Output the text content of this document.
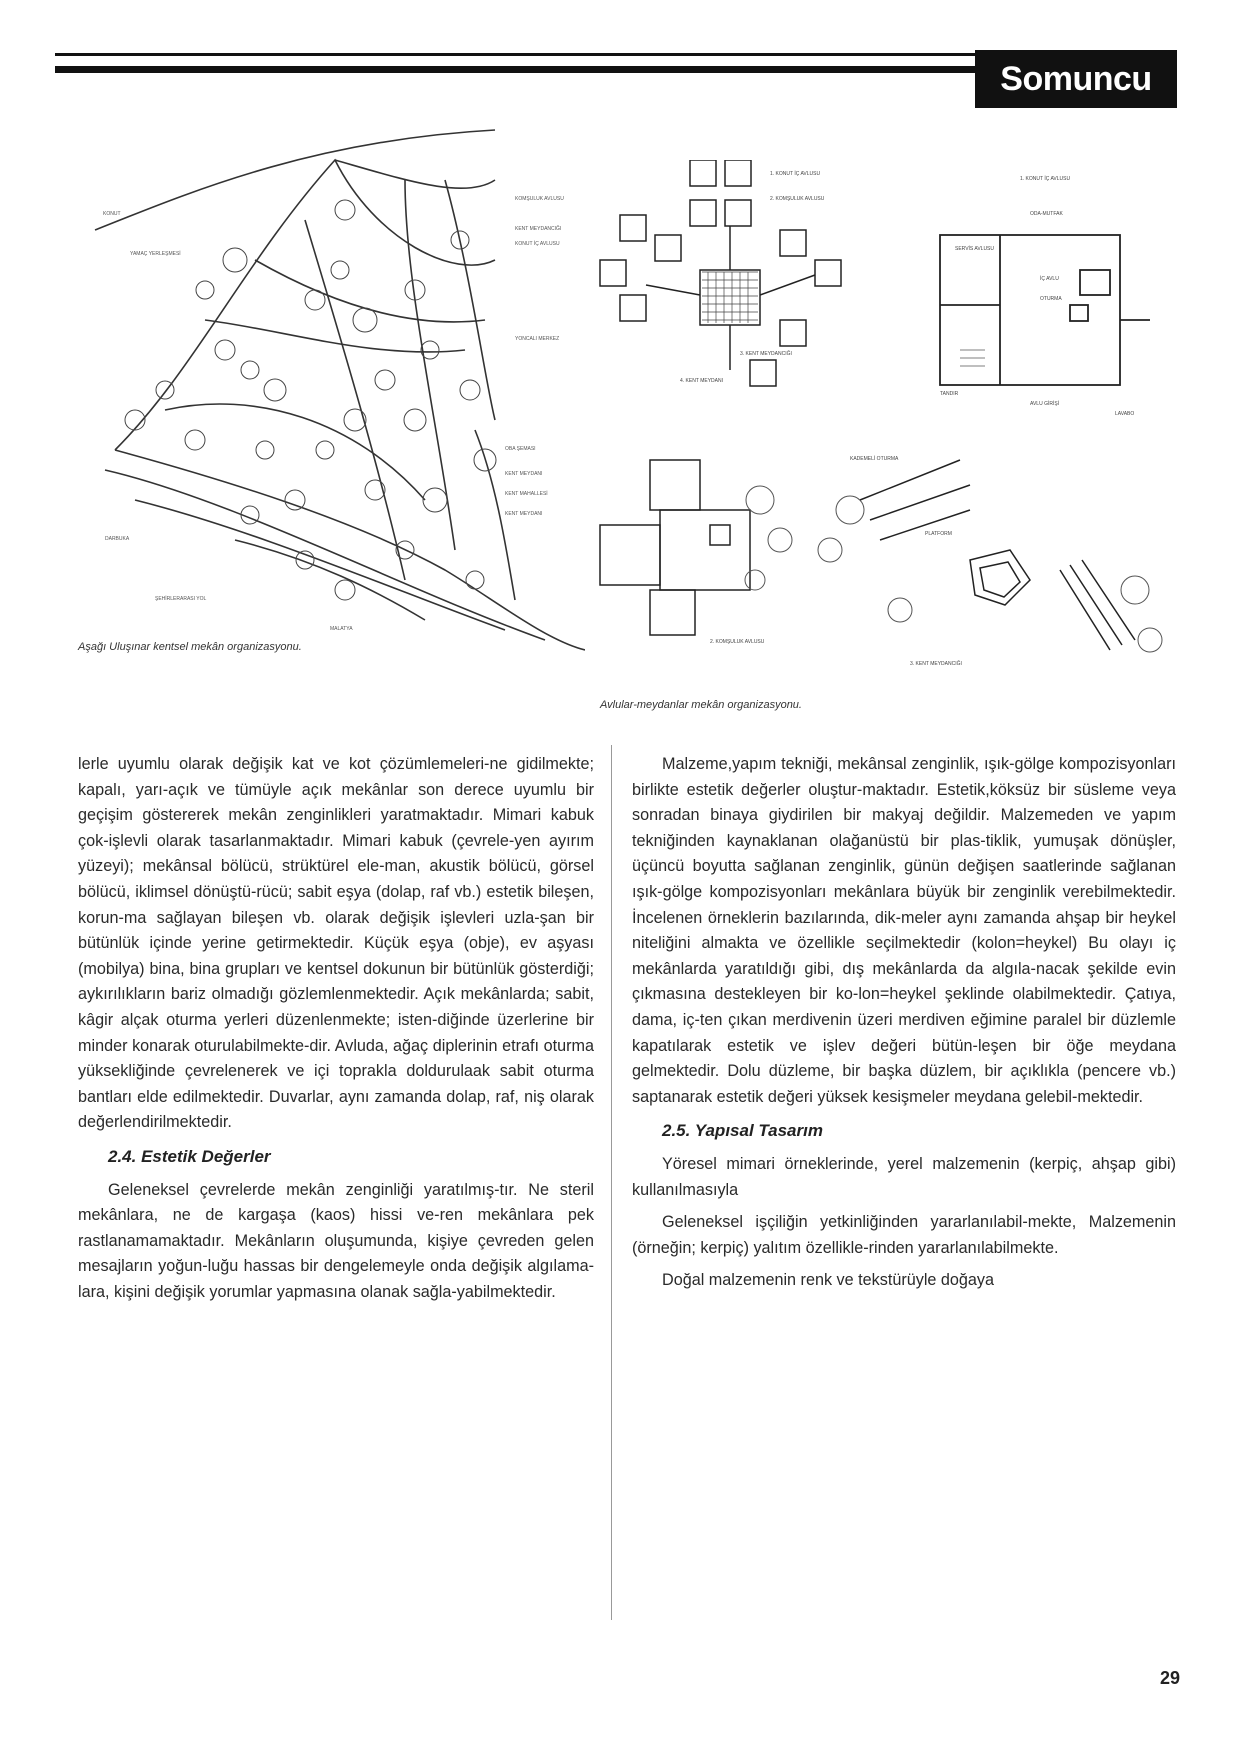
Somuncu Baba
KONUT
YAMAÇ YERLEŞMESİ
KOMŞULUK AVLUSU
KENT MEYDANCIĞI
KONUT İÇ AVLUSU
YONCALI MERKEZ
OBA ŞEMASI
KENT MEYDANI
KENT MAHALLESİ
KENT MEYDANI
DARBUKA
ŞEHİRLERARASI YOL
MALATYA
Aşağı Uluşınar kentsel mekân organizasyonu.
1. KONUT İÇ AVLUSU
2. KOMŞULUK AVLUSU
3. KENT MEYDANCIĞI
4. KENT MEYDANI
1. KONUT İÇ AVLUSU
ODA-MUTFAK
SERVİS AVLUSU
İÇ AVLU
OTURMA
TANDIR
AVLU GİRİŞİ
LAVABO
KADEMELİ OTURMA
PLATFORM
2. KOMŞULUK AVLUSU
3. KENT MEYDANCIĞI
Avlular-meydanlar mekân organizasyonu.

lerle uyumlu olarak değişik kat ve kot çözümlemeleri-ne gidilmekte; kapalı, yarı-açık ve tümüyle açık mekânlar son derece uyumlu bir geçişim göstererek mekân zenginlikleri yaratmaktadır. Mimari kabuk çok-işlevli olarak tasarlanmaktadır. Mimari kabuk (çevrele-yen ayırım yüzeyi); mekânsal bölücü, strüktürel ele-man, akustik bölücü, görsel bölücü, iklimsel dönüştü-rücü; sabit eşya (dolap, raf vb.) estetik bileşen, korun-ma sağlayan bileşen vb. olarak değişik işlevleri uzla-şan bir bütünlük içinde yerine getirmektedir. Küçük eşya (obje), ev aşyası (mobilya) bina, bina grupları ve kentsel dokunun bir bütünlük gösterdiği; aykırılıkların bariz olmadığı gözlemlenmektedir. Açık mekânlarda; sabit, kâgir alçak oturma yerleri düzenlenmekte; isten-diğinde üzerlerine bir minder konarak oturulabilmekte-dir. Avluda, ağaç diplerinin etrafı oturma yüksekliğinde çevrelenerek ve içi toprakla doldurulaak sabit oturma bantları elde edilmektedir. Duvarlar, aynı zamanda dolap, raf, niş olarak değerlendirilmektedir.

2.4. Estetik Değerler

Geleneksel çevrelerde mekân zenginliği yaratılmış-tır. Ne steril mekânlara, ne de kargaşa (kaos) hissi ve-ren mekânlara pek rastlanamamaktadır. Mekânların oluşumunda, kişiye çevreden gelen mesajların yoğun-luğu hassas bir dengelemeyle onda değişik algılama-lara, kişini değişik yorumlar yapmasına olanak sağla-yabilmektedir.

Malzeme,yapım tekniği, mekânsal zenginlik, ışık-gölge kompozisyonları birlikte estetik değerler oluştur-maktadır. Estetik,köksüz bir süsleme veya sonradan binaya giydirilen bir makyaj değildir. Malzemeden ve yapım tekniğinden kaynaklanan olağanüstü bir plas-tiklik, yumuşak dönüşler, üçüncü boyutta sağlanan zenginlik, günün değişen saatlerinde sağlanan ışık-gölge kompozisyonları mekânlara büyük bir zenginlik verebilmektedir. İncelenen örneklerin bazılarında, dik-meler aynı zamanda ahşap bir heykel niteliğini almakta ve özellikle seçilmektedir (kolon=heykel) Bu olayı iç mekânlarda yaratıldığı gibi, dış mekânlarda da algıla-nacak şekilde evin çıkmasına destekleyen bir ko-lon=heykel şeklinde olabilmektedir. Çatıya, dama, iç-ten çıkan merdivenin üzeri merdiven eğimine paralel bir düzlemle kapatılarak estetik ve işlev değeri bütün-leşen bir öğe meydana gelmektedir. Dolu düzleme, bir başka düzlem, bir açıklıkla (pencere vb.) saptanarak estetik değeri yüksek kesişmeler meydana gelebil-mektedir.

2.5. Yapısal Tasarım

Yöresel mimari örneklerinde, yerel malzemenin (kerpiç, ahşap gibi) kullanılmasıyla

Geleneksel işçiliğin yetkinliğinden yararlanılabil-mekte, Malzemenin (örneğin; kerpiç) yalıtım özellikle-rinden yararlanılabilmekte.

Doğal malzemenin renk ve tekstürüyle doğaya

29
